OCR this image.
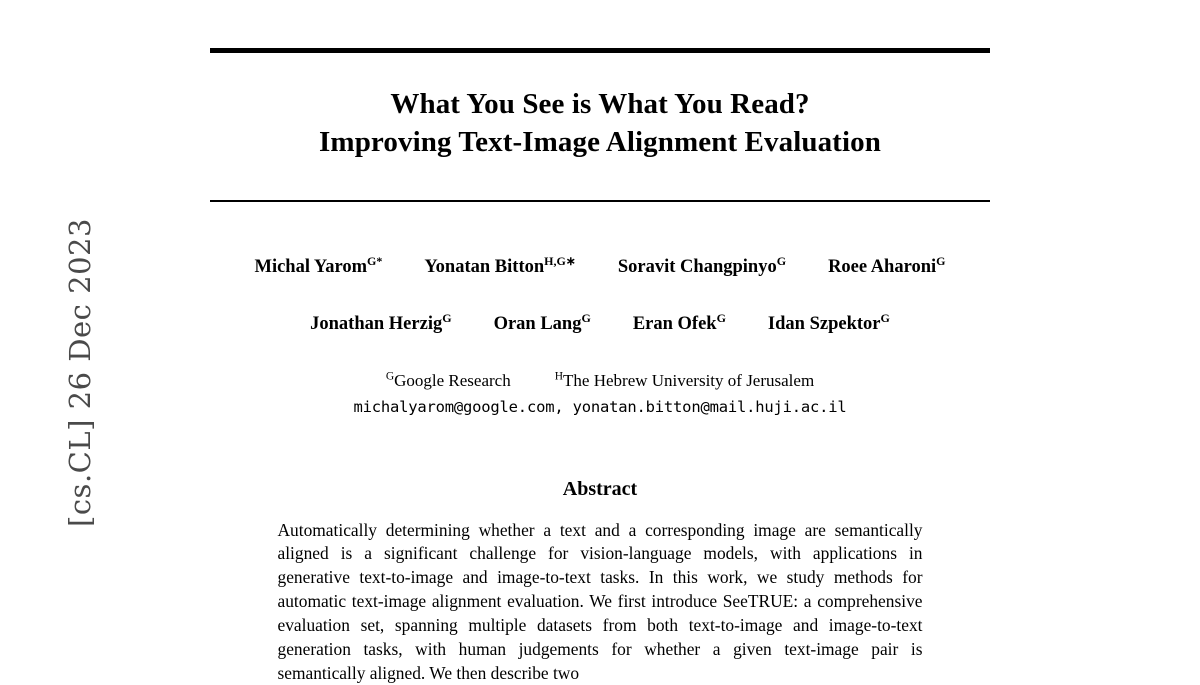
[cs.CL] 26 Dec 2023
What You See is What You Read?
Improving Text-Image Alignment Evaluation
Michal Yarom$^{G*}$ Yonatan Bitton$^{H,G∗}$ Soravit Changpinyo$^G$ Roee Aharoni$^G$
Jonathan Herzig$^G$ Oran Lang$^G$ Eran Ofek$^G$ Idan Szpektor$^G$
$^G$Google Research	$^H$The Hebrew University of Jerusalem
michalyarom@google.com, yonatan.bitton@mail.huji.ac.il
Abstract
Automatically determining whether a text and a corresponding image are semantically aligned is a significant challenge for vision-language models, with applications in generative text-to-image and image-to-text tasks. In this work, we study methods for automatic text-image alignment evaluation. We first introduce SeeTRUE: a comprehensive evaluation set, spanning multiple datasets from both text-to-image and image-to-text generation tasks, with human judgements for whether a given text-image pair is semantically aligned. We then describe two
